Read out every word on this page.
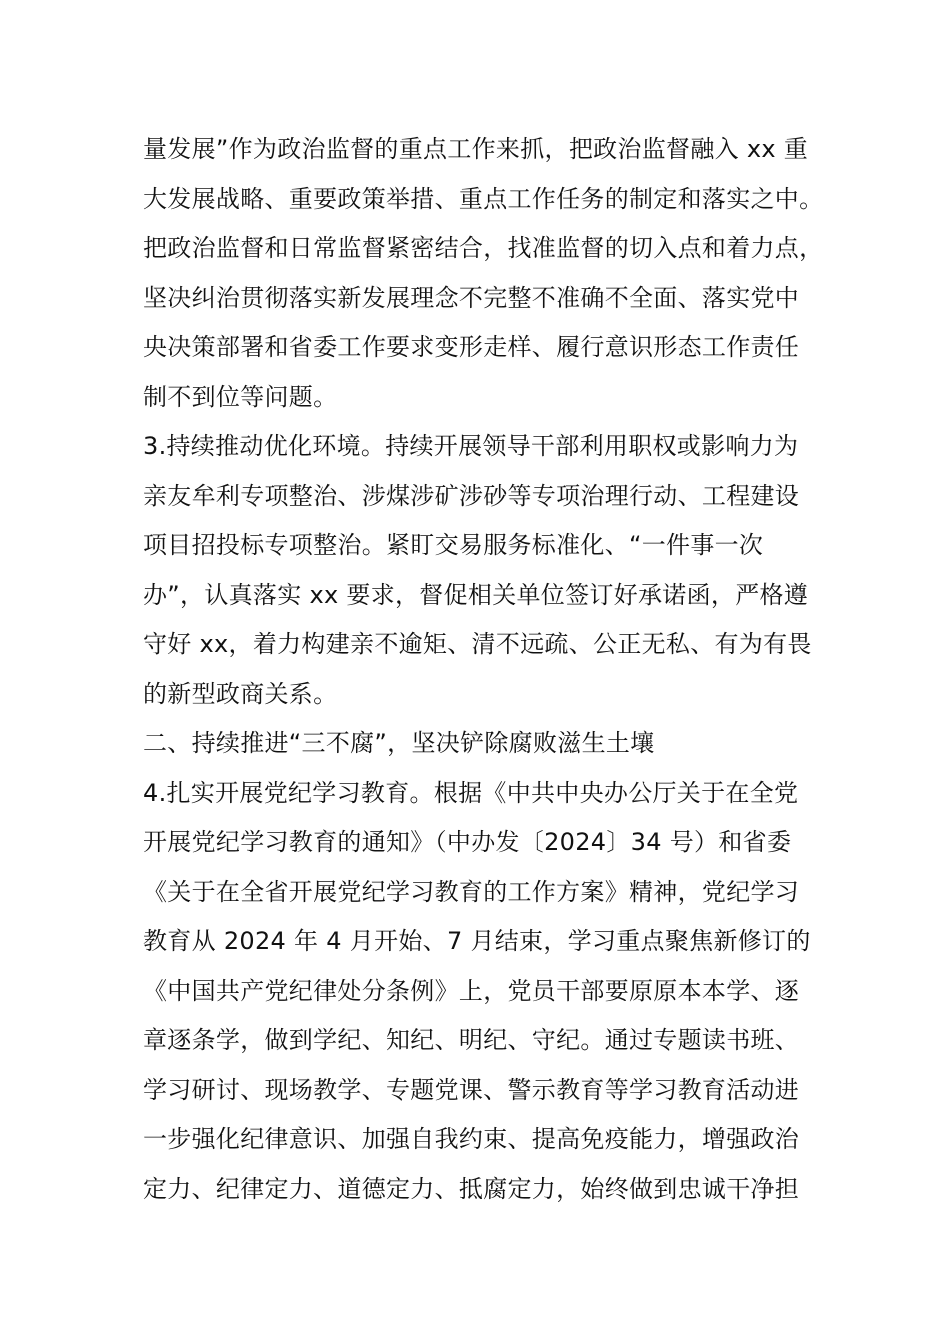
量发展”作为政治监督的重点工作来抓，把政治监督融入 xx 重
大发展战略、重要政策举措、重点工作任务的制定和落实之中。
把政治监督和日常监督紧密结合，找准监督的切入点和着力点，
坚决纠治贯彻落实新发展理念不完整不准确不全面、落实党中
央决策部署和省委工作要求变形走样、履行意识形态工作责任
制不到位等问题。
3.持续推动优化环境。持续开展领导干部利用职权或影响力为
亲友牟利专项整治、涉煤涉矿涉砂等专项治理行动、工程建设
项目招投标专项整治。紧盯交易服务标准化、“一件事一次
办”，认真落实 xx 要求，督促相关单位签订好承诺函，严格遵
守好 xx，着力构建亲不逾矩、清不远疏、公正无私、有为有畏
的新型政商关系。
二、持续推进“三不腐”，坚决铲除腐败滋生土壤
4.扎实开展党纪学习教育。根据《中共中央办公厅关于在全党
开展党纪学习教育的通知》（中办发〔2024〕34 号）和省委
《关于在全省开展党纪学习教育的工作方案》精神，党纪学习
教育从 2024 年 4 月开始、7 月结束，学习重点聚焦新修订的
《中国共产党纪律处分条例》上，党员干部要原原本本学、逐
章逐条学，做到学纪、知纪、明纪、守纪。通过专题读书班、
学习研讨、现场教学、专题党课、警示教育等学习教育活动进
一步强化纪律意识、加强自我约束、提高免疫能力，增强政治
定力、纪律定力、道德定力、抵腐定力，始终做到忠诚干净担
